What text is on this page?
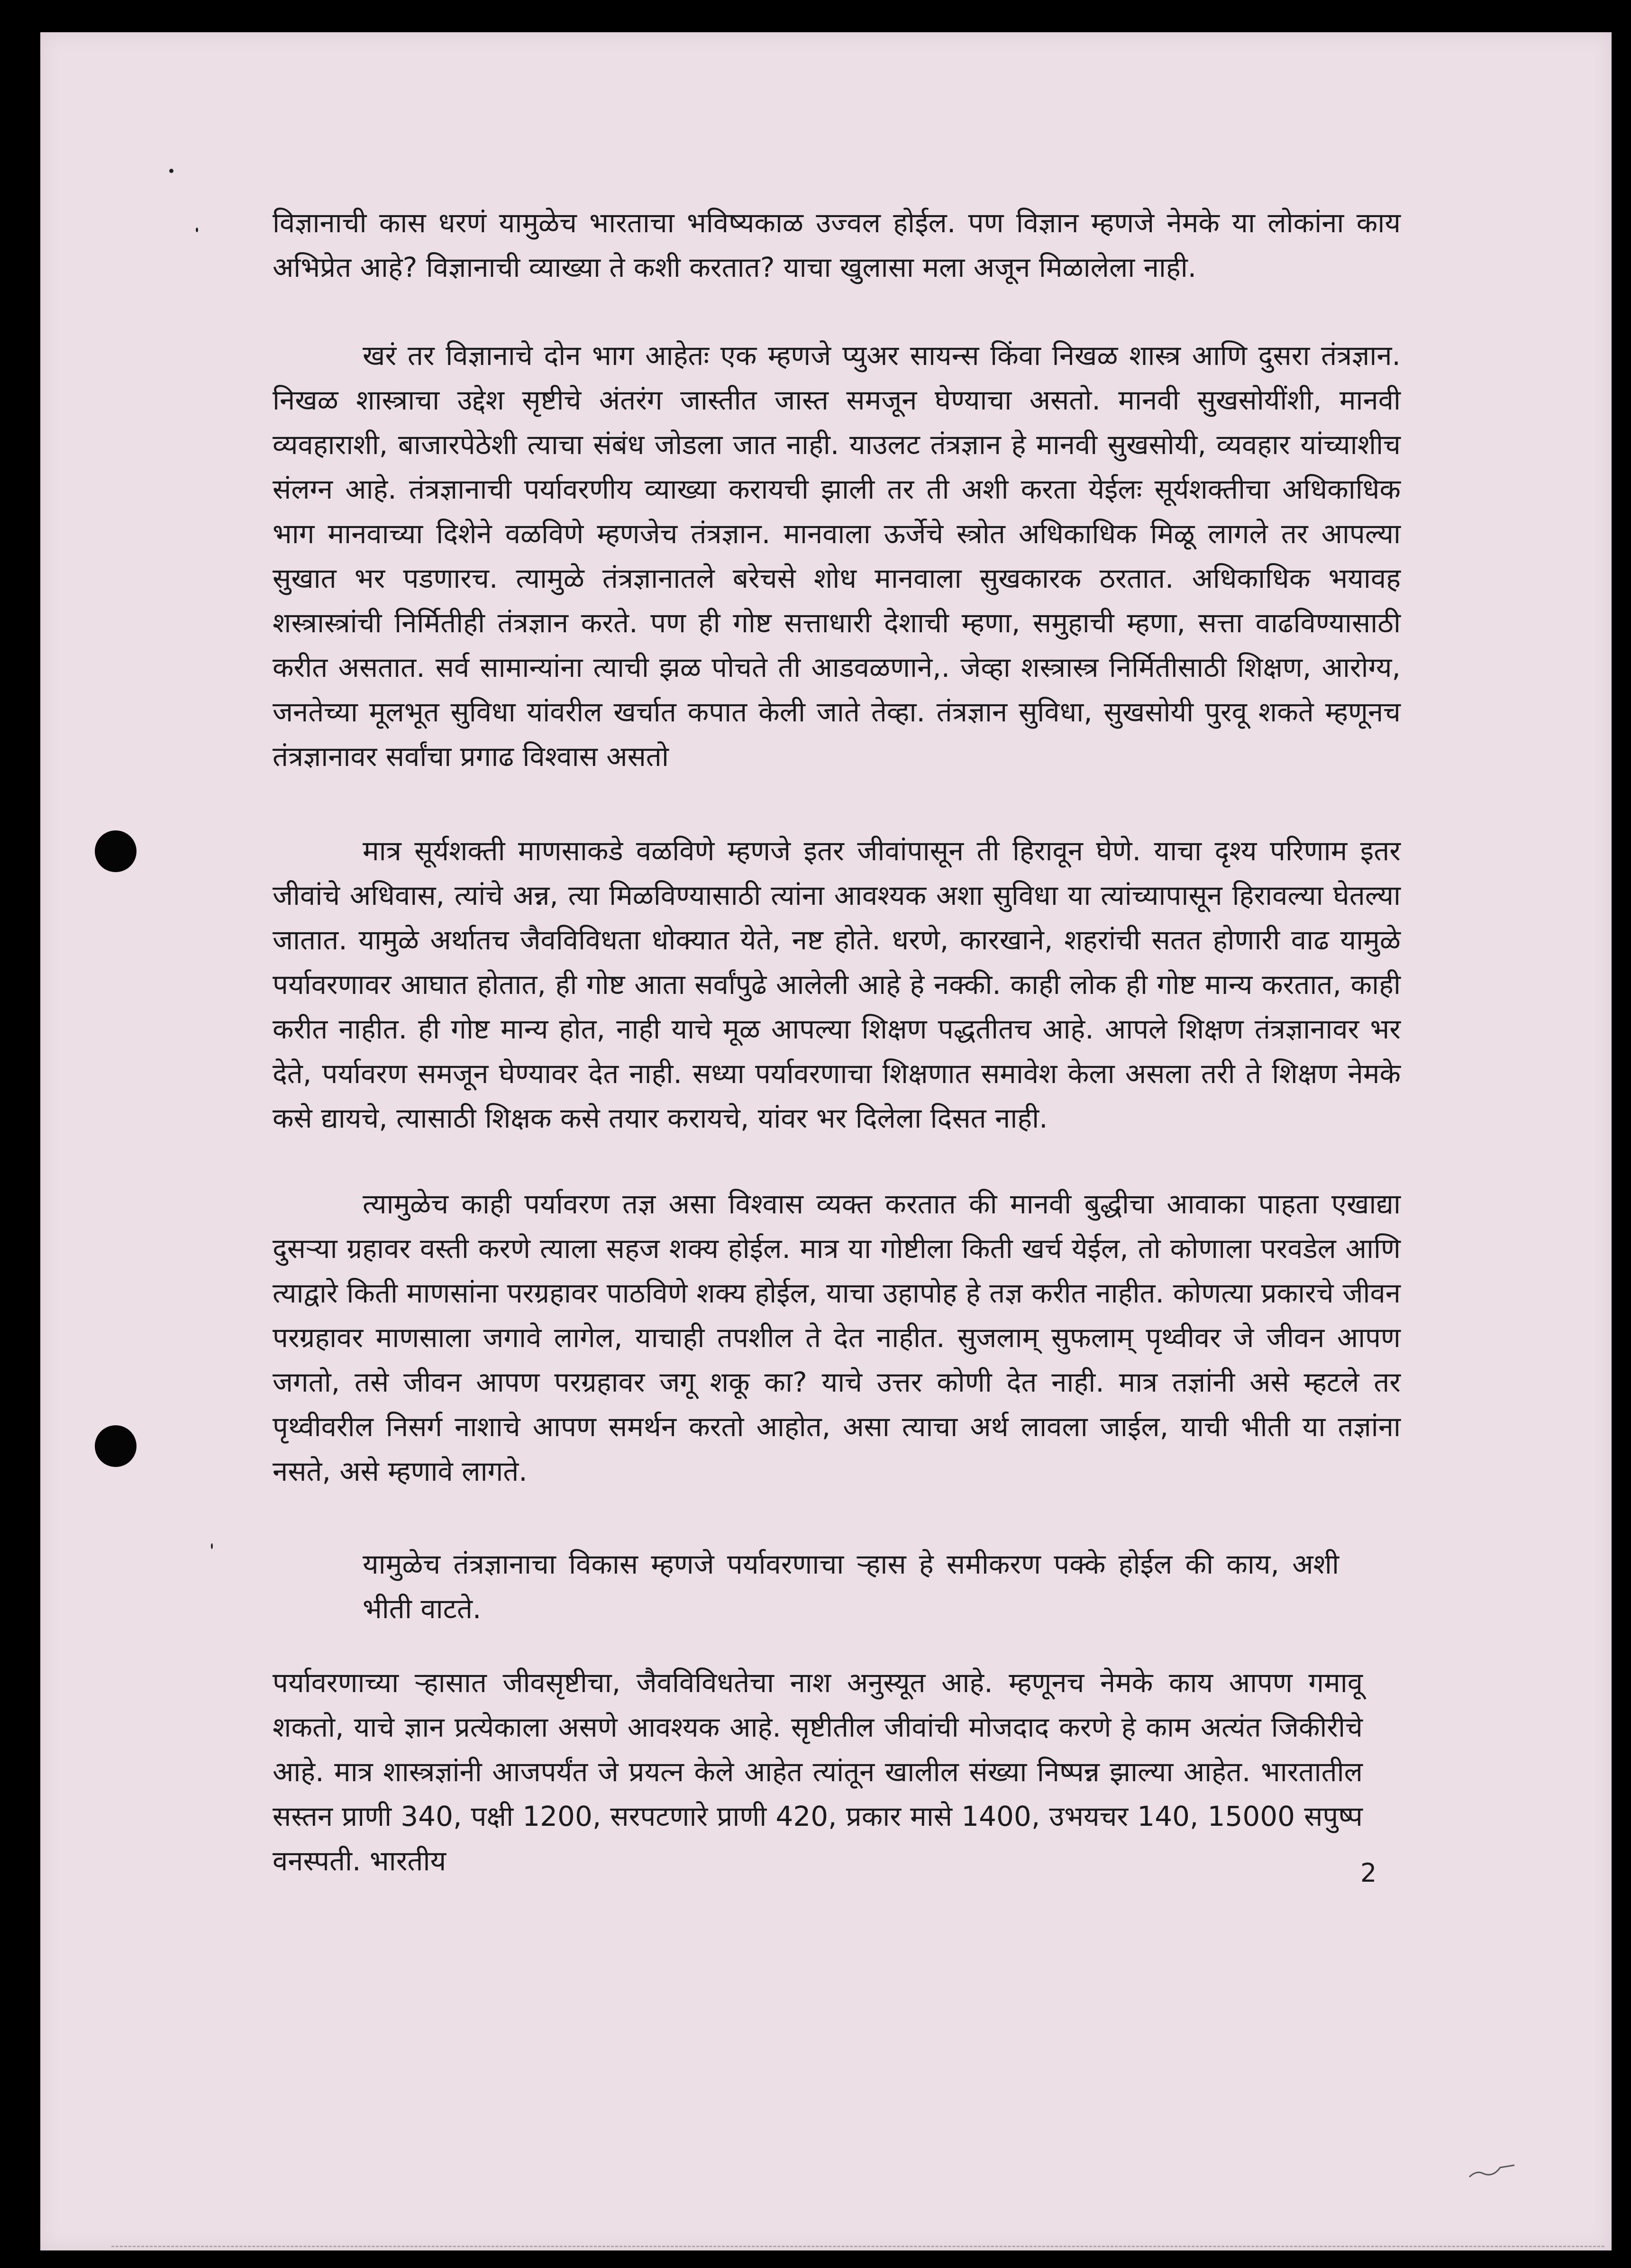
विज्ञानाची कास धरणं यामुळेच भारताचा भविष्यकाळ उज्वल होईल. पण विज्ञान म्हणजे नेमके या लोकांना काय अभिप्रेत आहे? विज्ञानाची व्याख्या ते कशी करतात? याचा खुलासा मला अजून मिळालेला नाही.

खरं तर विज्ञानाचे दोन भाग आहेतः एक म्हणजे प्युअर सायन्स किंवा निखळ शास्त्र आणि दुसरा तंत्रज्ञान. निखळ शास्त्राचा उद्देश सृष्टीचे अंतरंग जास्तीत जास्त समजून घेण्याचा असतो. मानवी सुखसोयींशी, मानवी व्यवहाराशी, बाजारपेठेशी त्याचा संबंध जोडला जात नाही. याउलट तंत्रज्ञान हे मानवी सुखसोयी, व्यवहार यांच्याशीच संलग्न आहे. तंत्रज्ञानाची पर्यावरणीय व्याख्या करायची झाली तर ती अशी करता येईलः सूर्यशक्तीचा अधिकाधिक भाग मानवाच्या दिशेने वळविणे म्हणजेच तंत्रज्ञान. मानवाला ऊर्जेचे स्त्रोत अधिकाधिक मिळू लागले तर आपल्या सुखात भर पडणारच. त्यामुळे तंत्रज्ञानातले बरेचसे शोध मानवाला सुखकारक ठरतात. अधिकाधिक भयावह शस्त्रास्त्रांची निर्मितीही तंत्रज्ञान करते. पण ही गोष्ट सत्ताधारी देशाची म्हणा, समुहाची म्हणा, सत्ता वाढविण्यासाठी करीत असतात. सर्व सामान्यांना त्याची झळ पोचते ती आडवळणाने,. जेव्हा शस्त्रास्त्र निर्मितीसाठी शिक्षण, आरोग्य, जनतेच्या मूलभूत सुविधा यांवरील खर्चात कपात केली जाते तेव्हा. तंत्रज्ञान सुविधा, सुखसोयी पुरवू शकते म्हणूनच तंत्रज्ञानावर सर्वांचा प्रगाढ विश्वास असतो

मात्र सूर्यशक्ती माणसाकडे वळविणे म्हणजे इतर जीवांपासून ती हिरावून घेणे. याचा दृश्य परिणाम इतर जीवांचे अधिवास, त्यांचे अन्न, त्या मिळविण्यासाठी त्यांना आवश्यक अशा सुविधा या त्यांच्यापासून हिरावल्या घेतल्या जातात. यामुळे अर्थातच जैवविविधता धोक्यात येते, नष्ट होते. धरणे, कारखाने, शहरांची सतत होणारी वाढ यामुळे पर्यावरणावर आघात होतात, ही गोष्ट आता सर्वांपुढे आलेली आहे हे नक्की. काही लोक ही गोष्ट मान्य करतात, काही करीत नाहीत. ही गोष्ट मान्य होत, नाही याचे मूळ आपल्या शिक्षण पद्धतीतच आहे. आपले शिक्षण तंत्रज्ञानावर भर देते, पर्यावरण समजून घेण्यावर देत नाही. सध्या पर्यावरणाचा शिक्षणात समावेश केला असला तरी ते शिक्षण नेमके कसे द्यायचे, त्यासाठी शिक्षक कसे तयार करायचे, यांवर भर दिलेला दिसत नाही.

त्यामुळेच काही पर्यावरण तज्ञ असा विश्वास व्यक्त करतात की मानवी बुद्धीचा आवाका पाहता एखाद्या दुसऱ्या ग्रहावर वस्ती करणे त्याला सहज शक्य होईल. मात्र या गोष्टीला किती खर्च येईल, तो कोणाला परवडेल आणि त्याद्वारे किती माणसांना परग्रहावर पाठविणे शक्य होईल, याचा उहापोह हे तज्ञ करीत नाहीत. कोणत्या प्रकारचे जीवन परग्रहावर माणसाला जगावे लागेल, याचाही तपशील ते देत नाहीत. सुजलाम् सुफलाम् पृथ्वीवर जे जीवन आपण जगतो, तसे जीवन आपण परग्रहावर जगू शकू का? याचे उत्तर कोणी देत नाही. मात्र तज्ञांनी असे म्हटले तर पृथ्वीवरील निसर्ग नाशाचे आपण समर्थन करतो आहोत, असा त्याचा अर्थ लावला जाईल, याची भीती या तज्ञांना नसते, असे म्हणावे लागते.

यामुळेच तंत्रज्ञानाचा विकास म्हणजे पर्यावरणाचा ऱ्हास हे समीकरण पक्के होईल की काय, अशी भीती वाटते.

पर्यावरणाच्या ऱ्हासात जीवसृष्टीचा, जैवविविधतेचा नाश अनुस्यूत आहे. म्हणूनच नेमके काय आपण गमावू शकतो, याचे ज्ञान प्रत्येकाला असणे आवश्यक आहे. सृष्टीतील जीवांची मोजदाद करणे हे काम अत्यंत जिकीरीचे आहे. मात्र शास्त्रज्ञांनी आजपर्यंत जे प्रयत्न केले आहेत त्यांतून खालील संख्या निष्पन्न झाल्या आहेत. भारतातील सस्तन प्राणी 340, पक्षी 1200, सरपटणारे प्राणी 420, प्रकार मासे 1400, उभयचर 140, 15000 सपुष्प वनस्पती. भारतीय	2
